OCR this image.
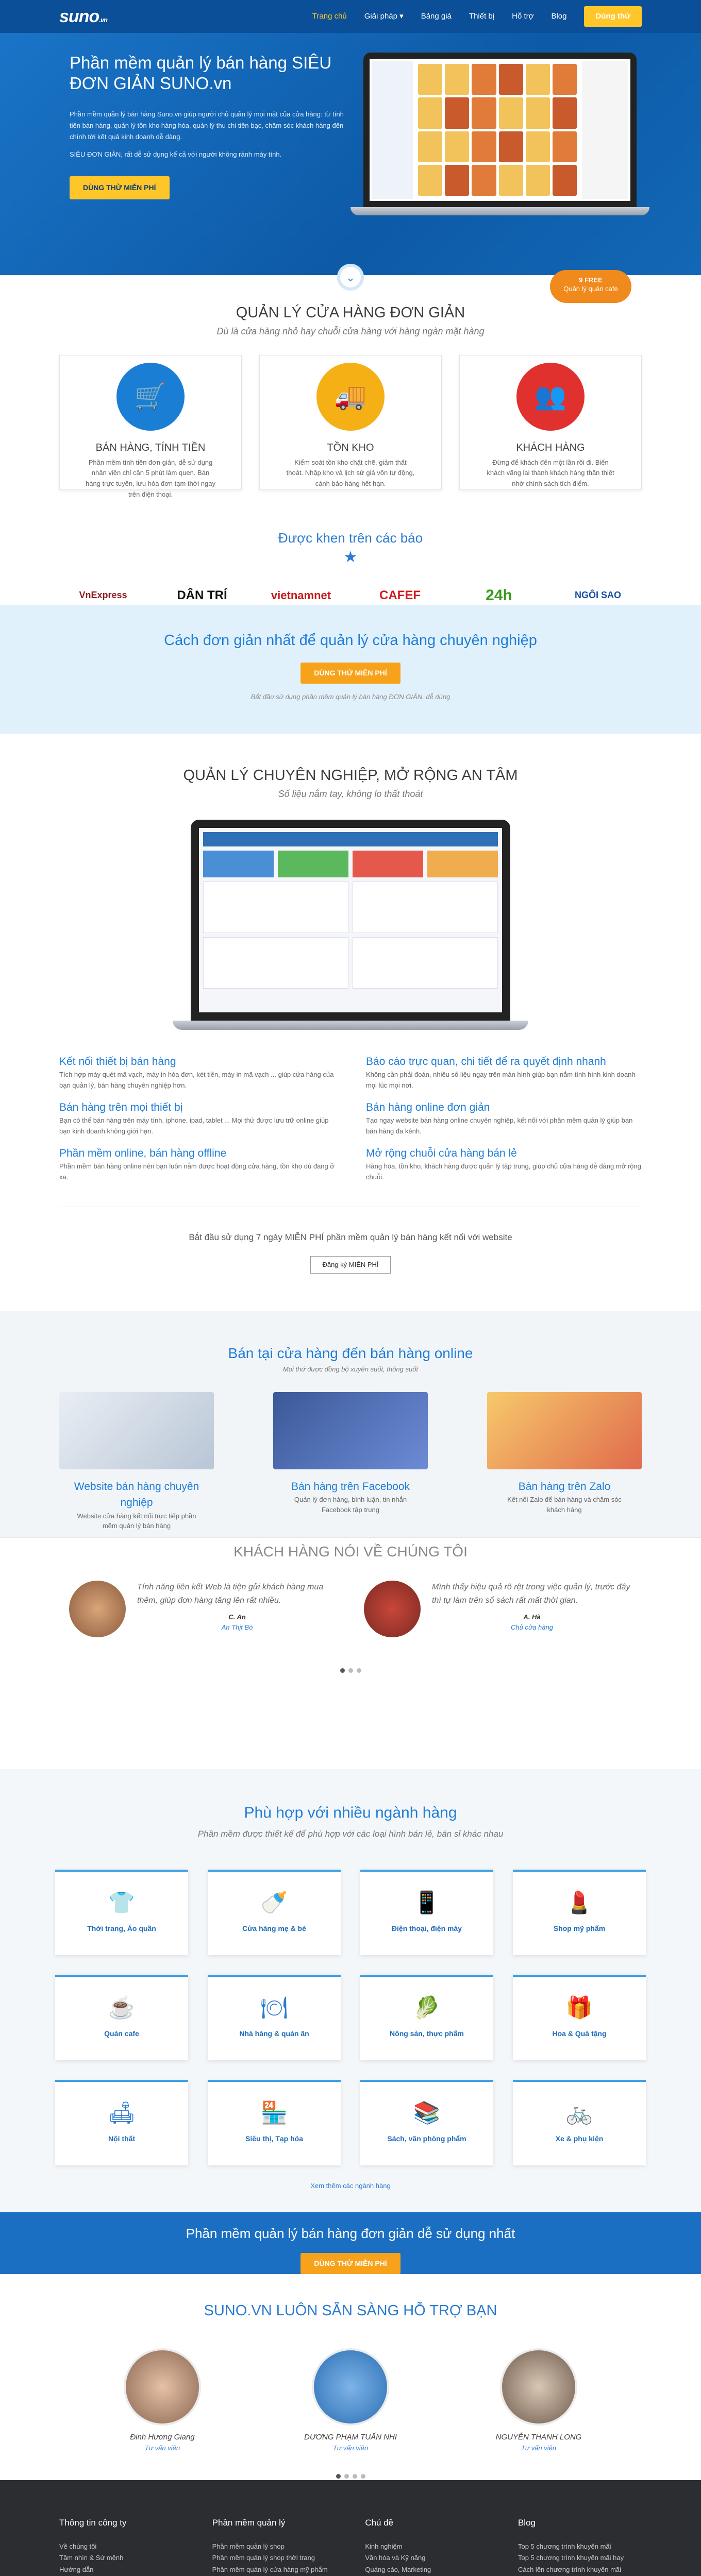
suno.vn	Trang chủ Giải pháp ▾ Bảng giá Thiết bị Hỗ trợ Blog	Dùng thử
Phần mềm quản lý bán hàng SIÊU ĐƠN GIẢN SUNO.vn

Phần mềm quản lý bán hàng Suno.vn giúp người chủ quản lý mọi mặt của cửa hàng: từ tính tiền bán hàng, quản lý tồn kho hàng hóa, quản lý thu chi tiền bạc, chăm sóc khách hàng đến chính tới kết quả kinh doanh dễ dàng.

SIÊU ĐƠN GIẢN, rất dễ sử dụng kể cả với người không rành máy tính.

DÙNG THỬ MIỄN PHÍ
⌄	9 FREE
Quản lý quán cafe
QUẢN LÝ CỬA HÀNG ĐƠN GIẢN
Dù là cửa hàng nhỏ hay chuỗi cửa hàng với hàng ngàn mặt hàng
🛒
BÁN HÀNG, TÍNH TIỀN

Phần mềm tính tiền đơn giản, dễ sử dụng nhân viên chỉ cần 5 phút làm quen. Bán hàng trực tuyến, lưu hóa đơn tạm thời ngay trên điện thoại.

🚚
TỒN KHO

Kiểm soát tồn kho chặt chẽ, giảm thất thoát. Nhập kho và lịch sử giá vốn tự động, cảnh báo hàng hết hạn.

👥
KHÁCH HÀNG

Đừng để khách đến một lần rồi đi. Biến khách vãng lai thành khách hàng thân thiết nhờ chính sách tích điểm.

Được khen trên các báo
★
VnExpress	DÂN TRÍ	vietnamnet	CAFEF	24h	NGÔI SAO
Cách đơn giản nhất để quản lý cửa hàng chuyên nghiệp
DÙNG THỬ MIỄN PHÍ
Bắt đầu sử dụng phần mềm quản lý bán hàng ĐƠN GIẢN, dễ dùng
QUẢN LÝ CHUYÊN NGHIỆP, MỞ RỘNG AN TÂM
Số liệu nắm tay, không lo thất thoát
Kết nối thiết bị bán hàng

Tích hợp máy quét mã vạch, máy in hóa đơn, két tiền, máy in mã vạch ... giúp cửa hàng của bạn quản lý, bán hàng chuyên nghiệp hơn.

Báo cáo trực quan, chi tiết để ra quyết định nhanh

Không cần phải đoán, nhiều số liệu ngay trên màn hình giúp bạn nắm tình hình kinh doanh mọi lúc mọi nơi.

Bán hàng trên mọi thiết bị

Bạn có thể bán hàng trên máy tính, iphone, ipad, tablet ... Mọi thứ được lưu trữ online giúp bạn kinh doanh không giới hạn.

Bán hàng online đơn giản

Tạo ngay website bán hàng online chuyên nghiệp, kết nối với phần mềm quản lý giúp bạn bán hàng đa kênh.

Phần mềm online, bán hàng offline

Phần mềm bán hàng online nên bạn luôn nắm được hoạt động cửa hàng, tồn kho dù đang ở xa.

Mở rộng chuỗi cửa hàng bán lẻ

Hàng hóa, tồn kho, khách hàng được quản lý tập trung, giúp chủ cửa hàng dễ dàng mở rộng chuỗi.

Bắt đầu sử dụng 7 ngày MIỄN PHÍ phần mềm quản lý bán hàng kết nối với website

Đăng ký MIỄN PHÍ
Bán tại cửa hàng đến bán hàng online
Mọi thứ được đồng bộ xuyên suốt, thông suốt
Website bán hàng chuyên nghiệp

Website cửa hàng kết nối trực tiếp phần mềm quản lý bán hàng

Bán hàng trên Facebook

Quản lý đơn hàng, bình luận, tin nhắn Facebook tập trung

Bán hàng trên Zalo

Kết nối Zalo để bán hàng và chăm sóc khách hàng

KHÁCH HÀNG NÓI VỀ CHÚNG TÔI
Tính năng liên kết Web là tiện gửi khách hàng mua thêm, giúp đơn hàng tăng lên rất nhiều.
C. An
An Thịt Bò
Mình thấy hiệu quả rõ rệt trong việc quản lý, trước đây thì tự làm trên sổ sách rất mất thời gian.
A. Hà
Chủ cửa hàng
Phù hợp với nhiều ngành hàng
Phần mềm được thiết kế để phù hợp với các loại hình bán lẻ, bán sỉ khác nhau
👕
Thời trang, Áo quần
🍼
Cửa hàng mẹ & bé
📱
Điện thoại, điện máy
💄
Shop mỹ phẩm
☕
Quán cafe
🍽
Nhà hàng & quán ăn
🥬
Nông sản, thực phẩm
🎁
Hoa & Quà tặng
🛋
Nội thất
🏪
Siêu thị, Tạp hóa
📚
Sách, văn phòng phẩm
🚲
Xe & phụ kiện
Xem thêm các ngành hàng
Phần mềm quản lý bán hàng đơn giản dễ sử dụng nhất
DÙNG THỬ MIỄN PHÍ
SUNO.VN LUÔN SẴN SÀNG HỖ TRỢ BẠN
Đinh Hương Giang
Tư vấn viên
DƯƠNG PHẠM TUẤN NHI
Tư vấn viên
NGUYỄN THANH LONG
Tư vấn viên
Thông tin công ty
Về chúng tôi
Tầm nhìn & Sứ mệnh
Hướng dẫn
Phần mềm quản lý
Phần mềm quản lý shop
Phần mềm quản lý shop thời trang
Phần mềm quản lý cửa hàng mỹ phẩm
Chủ đề
Kinh nghiệm
Văn hóa và Kỹ năng
Quảng cáo, Marketing
Blog
Top 5 chương trình khuyến mãi
Top 5 chương trình khuyến mãi hay
Cách lên chương trình khuyến mãi
